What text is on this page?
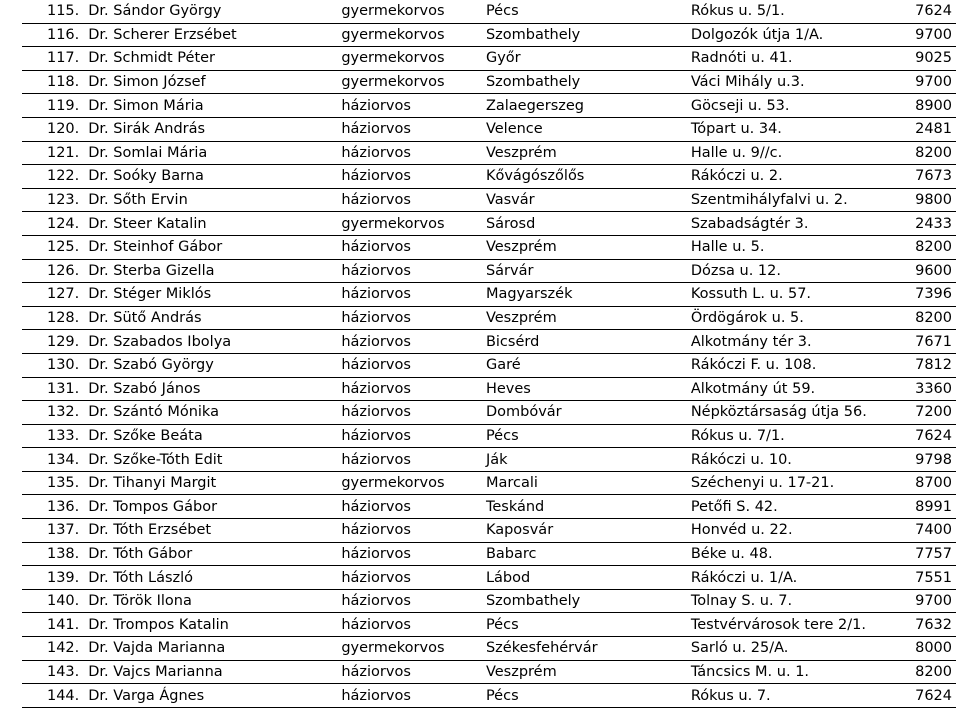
115.	Dr. Sándor György	gyermekorvos	Pécs	Rókus u. 5/1.	7624
116.	Dr. Scherer Erzsébet	gyermekorvos	Szombathely	Dolgozók útja 1/A.	9700
117.	Dr. Schmidt Péter	gyermekorvos	Győr	Radnóti u. 41.	9025
118.	Dr. Simon József	gyermekorvos	Szombathely	Váci Mihály u.3.	9700
119.	Dr. Simon Mária	háziorvos	Zalaegerszeg	Göcseji u. 53.	8900
120.	Dr. Sirák András	háziorvos	Velence	Tópart u. 34.	2481
121.	Dr. Somlai Mária	háziorvos	Veszprém	Halle u. 9//c.	8200
122.	Dr. Soóky Barna	háziorvos	Kővágószőlős	Rákóczi u. 2.	7673
123.	Dr. Sőth Ervin	háziorvos	Vasvár	Szentmihályfalvi u. 2.	9800
124.	Dr. Steer Katalin	gyermekorvos	Sárosd	Szabadságtér 3.	2433
125.	Dr. Steinhof Gábor	háziorvos	Veszprém	Halle u. 5.	8200
126.	Dr. Sterba Gizella	háziorvos	Sárvár	Dózsa u. 12.	9600
127.	Dr. Stéger Miklós	háziorvos	Magyarszék	Kossuth L. u. 57.	7396
128.	Dr. Sütő András	háziorvos	Veszprém	Ördögárok u. 5.	8200
129.	Dr. Szabados Ibolya	háziorvos	Bicsérd	Alkotmány tér 3.	7671
130.	Dr. Szabó György	háziorvos	Garé	Rákóczi F. u. 108.	7812
131.	Dr. Szabó János	háziorvos	Heves	Alkotmány út 59.	3360
132.	Dr. Szántó Mónika	háziorvos	Dombóvár	Népköztársaság útja 56.	7200
133.	Dr. Szőke Beáta	háziorvos	Pécs	Rókus u. 7/1.	7624
134.	Dr. Szőke-Tóth Edit	háziorvos	Ják	Rákóczi u. 10.	9798
135.	Dr. Tihanyi Margit	gyermekorvos	Marcali	Széchenyi u. 17-21.	8700
136.	Dr. Tompos Gábor	háziorvos	Teskánd	Petőfi S. 42.	8991
137.	Dr. Tóth Erzsébet	háziorvos	Kaposvár	Honvéd u. 22.	7400
138.	Dr. Tóth Gábor	háziorvos	Babarc	Béke u. 48.	7757
139.	Dr. Tóth László	háziorvos	Lábod	Rákóczi u. 1/A.	7551
140.	Dr. Török Ilona	háziorvos	Szombathely	Tolnay S. u. 7.	9700
141.	Dr. Trompos Katalin	háziorvos	Pécs	Testvérvárosok tere 2/1.	7632
142.	Dr. Vajda Marianna	gyermekorvos	Székesfehérvár	Sarló u. 25/A.	8000
143.	Dr. Vajcs Marianna	háziorvos	Veszprém	Táncsics M. u. 1.	8200
144.	Dr. Varga Ágnes	háziorvos	Pécs	Rókus u. 7.	7624
